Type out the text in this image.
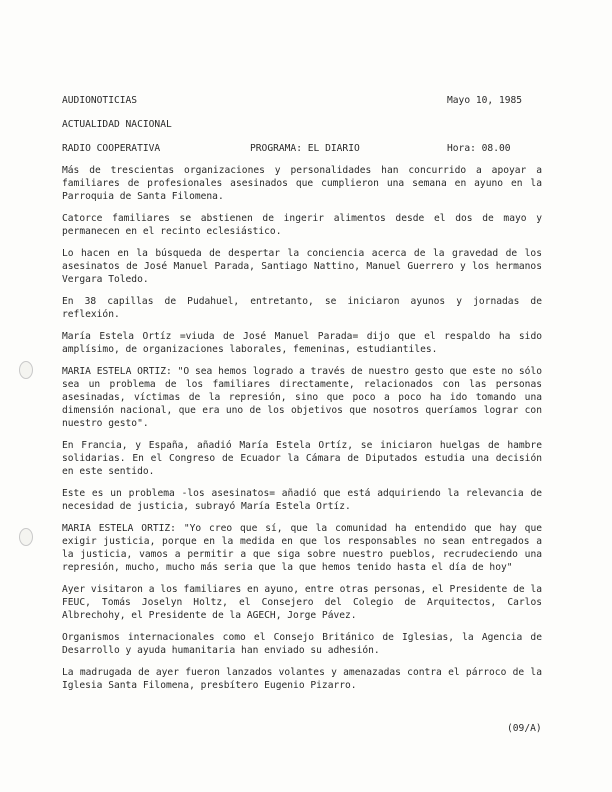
AUDIONOTICIAS	Mayo 10, 1985
ACTUALIDAD NACIONAL
RADIO COOPERATIVA	PROGRAMA: EL DIARIO	Hora: 08.00

Más de trescientas organizaciones y personalidades han concurrido a apoyar a familiares de profesionales asesinados que cumplieron una semana en ayuno en la Parroquia de Santa Filomena.

Catorce familiares se abstienen de ingerir alimentos desde el dos de mayo y permanecen en el recinto eclesiástico.

Lo hacen en la búsqueda de despertar la conciencia acerca de la gravedad de los asesinatos de José Manuel Parada, Santiago Nattino, Manuel Guerrero y los hermanos Vergara Toledo.

En 38 capillas de Pudahuel, entretanto, se iniciaron ayunos y jornadas de reflexión.

María Estela Ortíz =viuda de José Manuel Parada= dijo que el respaldo ha sido amplísimo, de organizaciones laborales, femeninas, estudiantiles.

MARIA ESTELA ORTIZ: "O sea hemos logrado a través de nuestro gesto que este no sólo sea un problema de los familiares directamente, relacionados con las personas asesinadas, víctimas de la represión, sino que poco a poco ha ido tomando una dimensión nacional, que era uno de los objetivos que nosotros queríamos lograr con nuestro gesto".

En Francia, y España, añadió María Estela Ortíz, se iniciaron huelgas de hambre solidarias. En el Congreso de Ecuador la Cámara de Diputados estudia una decisión en este sentido.

Este es un problema -los asesinatos= añadió que está adquiriendo la relevancia de necesidad de justicia, subrayó María Estela Ortíz.

MARIA ESTELA ORTIZ: "Yo creo que sí, que la comunidad ha entendido que hay que exigir justicia, porque en la medida en que los responsables no sean entregados a la justicia, vamos a permitir a que siga sobre nuestro pueblos, recrudeciendo una represión, mucho, mucho más seria que la que hemos tenido hasta el día de hoy"

Ayer visitaron a los familiares en ayuno, entre otras personas, el Presidente de la FEUC, Tomás Joselyn Holtz, el Consejero del Colegio de Arquitectos, Carlos Albrechohy, el Presidente de la AGECH, Jorge Pávez.

Organismos internacionales como el Consejo Británico de Iglesias, la Agencia de Desarrollo y ayuda humanitaria han enviado su adhesión.

La madrugada de ayer fueron lanzados volantes y amenazadas contra el párroco de la Iglesia Santa Filomena, presbítero Eugenio Pizarro.

(09/A)
